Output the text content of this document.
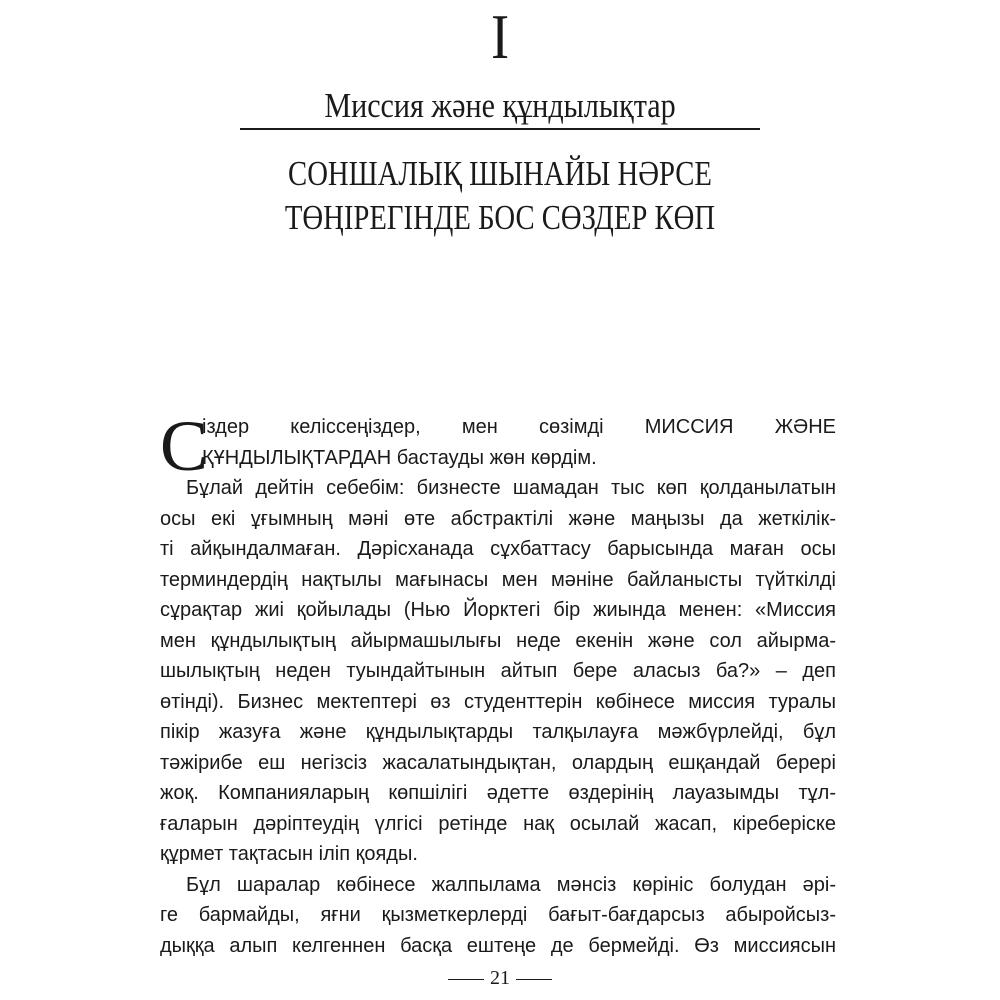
I
Миссия және құндылықтар
СОНШАЛЫҚ ШЫНАЙЫ НӘРСЕ
ТӨҢІРЕГІНДЕ БОС СӨЗДЕР КӨП
С
іздер келіссеңіздер, мен сөзімді МИССИЯ ЖӘНЕ
ҚҰНДЫЛЫҚТАРДАН бастауды жөн көрдім.
Бұлай дейтін себебім: бизнесте шамадан тыс көп қолданылатын
осы екі ұғымның мәні өте абстрактілі және маңызы да жеткілік-
ті айқындалмаған. Дәрісханада сұхбаттасу барысында маған осы
терминдердің нақтылы мағынасы мен мәніне байланысты түйткілді
сұрақтар жиі қойылады (Нью Йорктегі бір жиында менен: «Миссия
мен құндылықтың айырмашылығы неде екенін және сол айырма-
шылықтың неден туындайтынын айтып бере аласыз ба?» – деп
өтінді). Бизнес мектептері өз студенттерін көбінесе миссия туралы
пікір жазуға және құндылықтарды талқылауға мәжбүрлейді, бұл
тәжірибе еш негізсіз жасалатындықтан, олардың ешқандай берері
жоқ. Компанияларың көпшілігі әдетте өздерінің лауазымды тұл-
ғаларын дәріптеудің үлгісі ретінде нақ осылай жасап, кіреберіске
құрмет тақтасын іліп қояды.
Бұл шаралар көбінесе жалпылама мәнсіз көрініс болудан әрі-
ге бармайды, яғни қызметкерлерді бағыт-бағдарсыз абыройсыз-
дыққа алып келгеннен басқа ештеңе де бермейді. Өз миссиясын
21
